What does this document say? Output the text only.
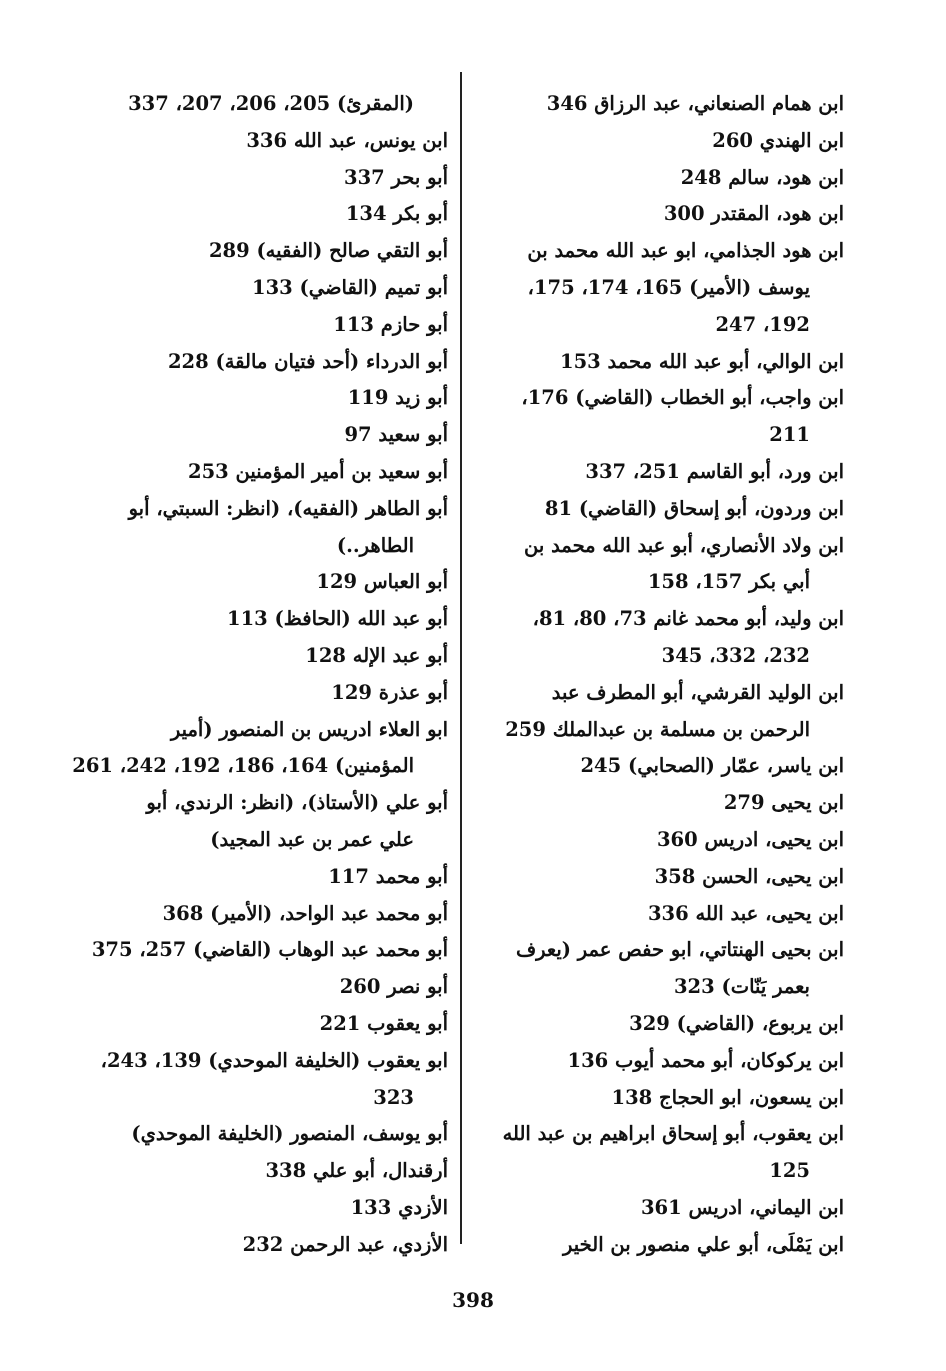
ابن همام الصنعاني، عبد الرزاق 346
ابن الهندي 260
ابن هود، سالم 248
ابن هود، المقتدر 300
ابن هود الجذامي، ابو عبد الله محمد بن
يوسف (الأمير) 165، 174، 175،
192، 247
ابن الوالي، أبو عبد الله محمد 153
ابن واجب، أبو الخطاب (القاضي) 176،
211
ابن ورد، أبو القاسم 251، 337
ابن وردون، أبو إسحاق (القاضي) 81
ابن ولاد الأنصاري، أبو عبد الله محمد بن
أبي بكر 157، 158
ابن وليد، أبو محمد غانم 73، 80، 81،
232، 332، 345
ابن الوليد القرشي، أبو المطرف عبد
الرحمن بن مسلمة بن عبدالملك 259
ابن ياسر، عمّار (الصحابي) 245
ابن يحيى 279
ابن يحيى، ادريس 360
ابن يحيى، الحسن 358
ابن يحيى، عبد الله 336
ابن بحيى الهنتاتي، ابو حفص عمر (يعرف
بعمر يَنّات) 323
ابن يربوع، (القاضي) 329
ابن يركوكان، أبو محمد أيوب 136
ابن يسعون، ابو الحجاج 138
ابن يعقوب، أبو إسحاق ابراهيم بن عبد الله
125
ابن اليماني، ادريس 361
ابن يَمْلَى، أبو علي منصور بن الخير
(المقرئ) 205، 206، 207، 337
ابن يونس، عبد الله 336
أبو بحر 337
أبو بكر 134
أبو التقي صالح (الفقيه) 289
أبو تميم (القاضي) 133
أبو حازم 113
أبو الدرداء (أحد فتيان مالقة) 228
أبو زيد 119
أبو سعيد 97
أبو سعيد بن أمير المؤمنين 253
أبو الطاهر (الفقيه)، (انظر: السبتي، أبو
الطاهر..)
أبو العباس 129
أبو عبد الله (الحافظ) 113
أبو عبد الإله 128
أبو عذرة 129
ابو العلاء ادريس بن المنصور (أمير
المؤمنين) 164، 186، 192، 242، 261
أبو علي (الأستاذ)، (انظر: الرندي، أبو
علي عمر بن عبد المجيد)
أبو محمد 117
أبو محمد عبد الواحد، (الأمير) 368
أبو محمد عبد الوهاب (القاضي) 257، 375
أبو نصر 260
أبو يعقوب 221
ابو يعقوب (الخليفة الموحدي) 139، 243،
323
أبو يوسف، المنصور (الخليفة الموحدي)
أرقندال، أبو علي 338
الأزدي 133
الأزدي، عبد الرحمن 232
398
